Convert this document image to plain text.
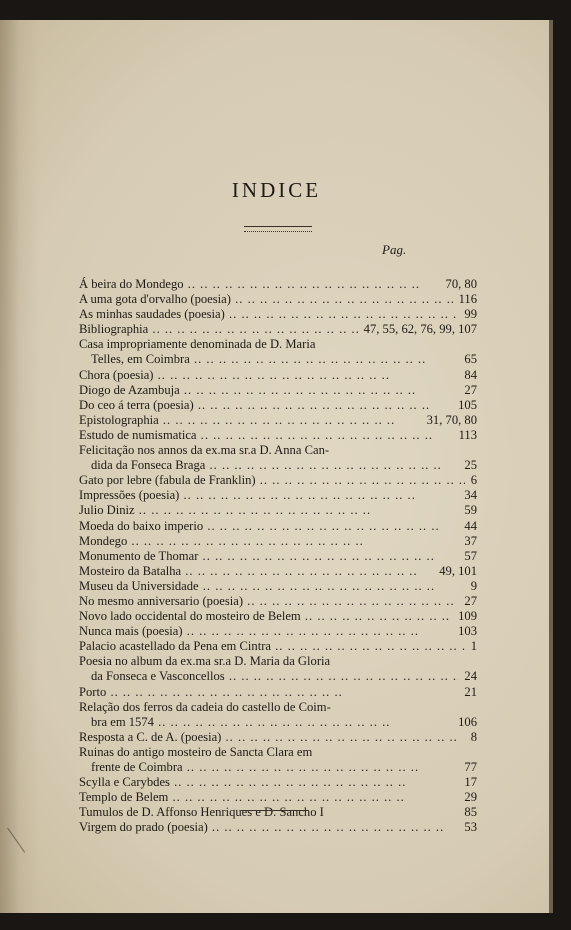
INDICE
Pag.
Á beira do Mondego .. ..	70, 80
A uma gota d'orvalho (poesia) .. ..	116
As minhas saudades (poesia) .. ..	99
Bibliographia .. ..	47, 55, 62, 76, 99, 107
Casa impropriamente denominada de D. Maria
Telles, em Coimbra .. ..	65
Chora (poesia) .. ..	84
Diogo de Azambuja .. ..	27
Do ceo á terra (poesia) .. ..	105
Epistolographia .. ..	31, 70, 80
Estudo de numismatica .. ..	113
Felicitação nos annos da ex.ma sr.a D. Anna Can-
dida da Fonseca Braga .. ..	25
Gato por lebre (fabula de Franklin) .. ..	6
Impressões (poesia) .. ..	34
Julio Diniz .. ..	59
Moeda do baixo imperio .. ..	44
Mondego .. ..	37
Monumento de Thomar .. ..	57
Mosteiro da Batalha .. ..	49, 101
Museu da Universidade .. ..	9
No mesmo anniversario (poesia) .. ..	27
Novo lado occidental do mosteiro de Belem .. ..	109
Nunca mais (poesia) .. ..	103
Palacio acastellado da Pena em Cintra .. ..	1
Poesia no album da ex.ma sr.a D. Maria da Gloria
da Fonseca e Vasconcellos .. ..	24
Porto .. ..	21
Relação dos ferros da cadeia do castello de Coim-
bra em 1574 .. ..	106
Resposta a C. de A. (poesia) .. ..	8
Ruinas do antigo mosteiro de Sancta Clara em
frente de Coimbra .. ..	77
Scylla e Carybdes .. ..	17
Templo de Belem .. ..	29
Tumulos de D. Affonso Henriques e D. Sancho I	85
Virgem do prado (poesia) .. ..	53
